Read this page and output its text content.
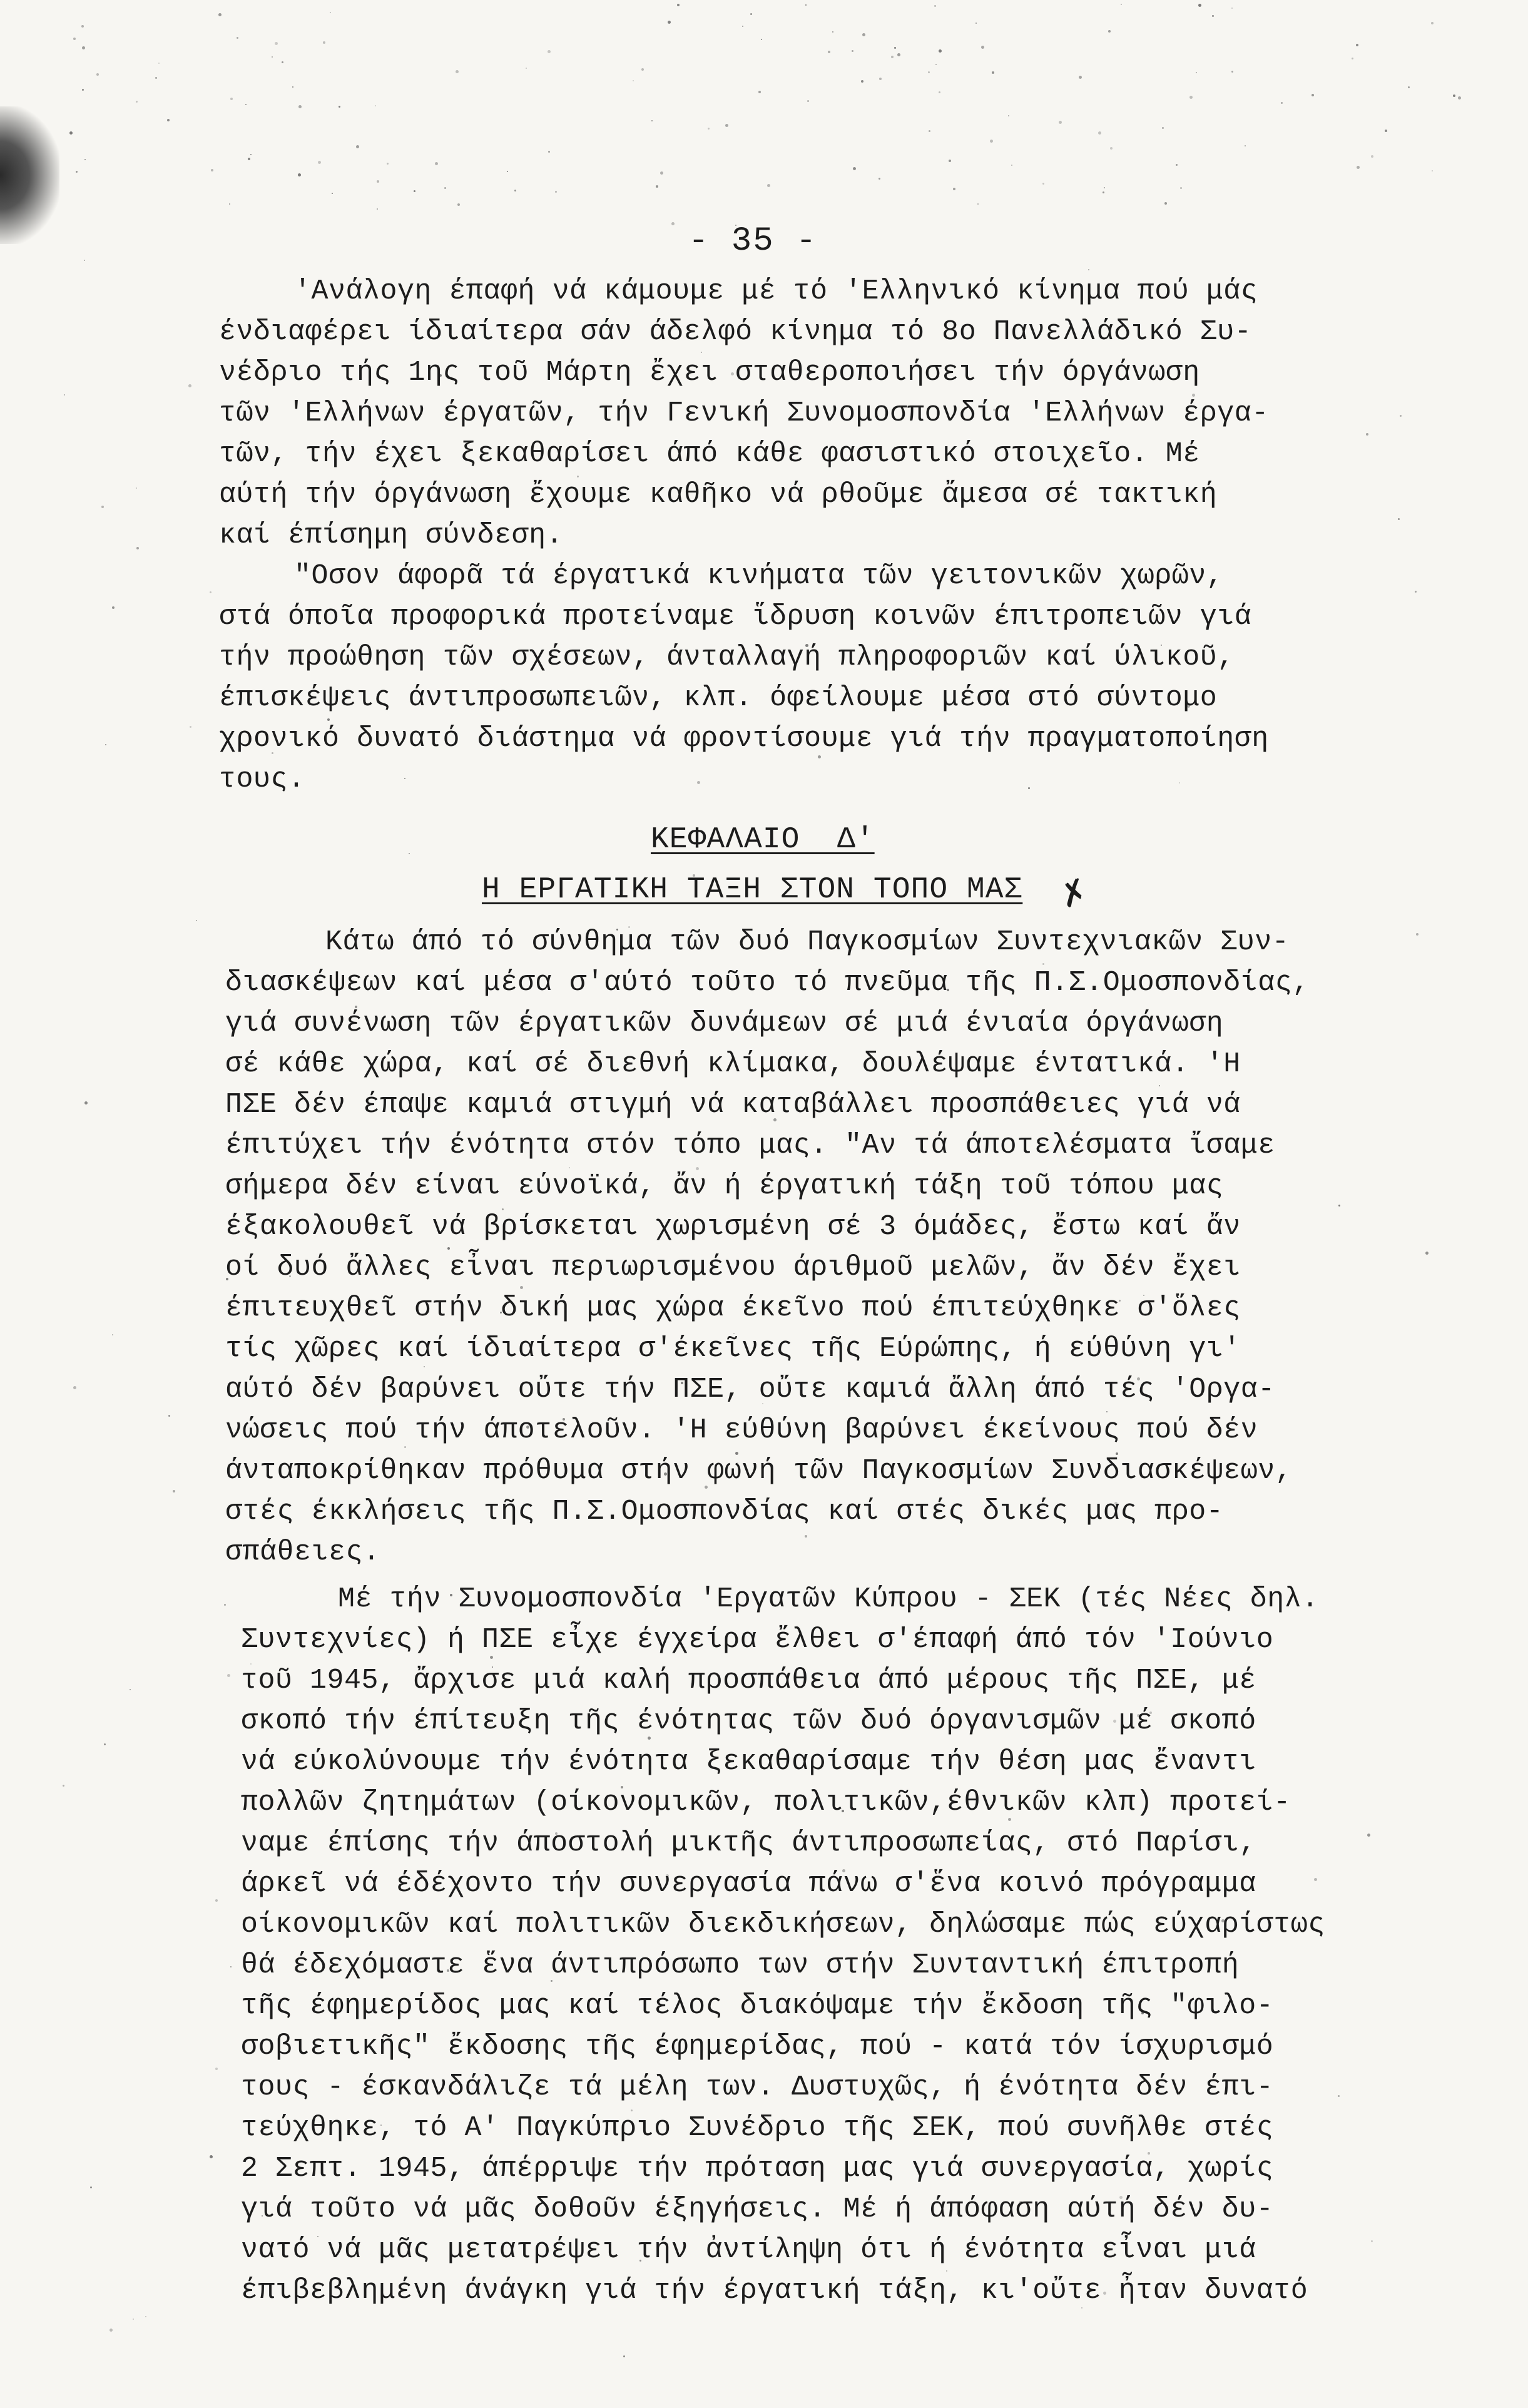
- 35 -
'Ανάλογη έπαφή νά κάμουμε μέ τό 'Ελληνικό κίνημα πού μάς
ένδιαφέρει ίδιαίτερα σάν άδελφό κίνημα τό 8ο Πανελλάδικό Συ-
νέδριο τής 1ης τοῦ Μάρτη ἔχει σταθεροποιήσει τήν όργάνωση
τῶν 'Ελλήνων έργατῶν, τήν Γενική Συνομοσπονδία 'Ελλήνων έργα-
τῶν, τήν έχει ξεκαθαρίσει άπό κάθε φασιστικό στοιχεῖο. Μέ
αύτή τήν όργάνωση ἔχουμε καθῆκο νά ρθοῦμε ἄμεσα σέ τακτική
καί έπίσημη σύνδεση.
"Οσον άφορᾶ τά έργατικά κινήματα τῶν γειτονικῶν χωρῶν,
στά όποῖα προφορικά προτείναμε ἵδρυση κοινῶν έπιτροπειῶν γιά
τήν προώθηση τῶν σχέσεων, άνταλλαγή πληροφοριῶν καί ύλικοῦ,
έπισκέψεις άντιπροσωπειῶν, κλπ. όφείλουμε μέσα στό σύντομο
χρονικό δυνατό διάστημα νά φροντίσουμε γιά τήν πραγματοποίηση
τους.
ΚΕΦΑΛΑΙΟ  Δ'
Η ΕΡΓΑΤΙΚΗ ΤΑΞΗ ΣΤΟΝ ΤΟΠΟ ΜΑΣ ✗
Κάτω άπό τό σύνθημα τῶν δυό Παγκοσμίων Συντεχνιακῶν Συν-
διασκέψεων καί μέσα σ'αύτό τοῦτο τό πνεῦμα τῆς Π.Σ.Ομοσπονδίας,
γιά συνένωση τῶν έργατικῶν δυνάμεων σέ μιά ένιαία όργάνωση
σέ κάθε χώρα, καί σέ διεθνή κλίμακα, δουλέψαμε έντατικά. 'Η
ΠΣΕ δέν έπαψε καμιά στιγμή νά καταβάλλει προσπάθειες γιά νά
έπιτύχει τήν ένότητα στόν τόπο μας. "Αν τά άποτελέσματα ἴσαμε
σήμερα δέν είναι εύνοϊκά, ἄν ή έργατική τάξη τοῦ τόπου μας
έξακολουθεῖ νά βρίσκεται χωρισμένη σέ 3 όμάδες, ἔστω καί ἄν
οί δυό ἄλλες εἶναι περιωρισμένου άριθμοῦ μελῶν, ἄν δέν ἔχει
έπιτευχθεῖ στήν δική μας χώρα έκεῖνο πού έπιτεύχθηκε σ'ὅλες
τίς χῶρες καί ίδιαίτερα σ'έκεῖνες τῆς Εύρώπης, ή εύθύνη γι'
αύτό δέν βαρύνει οὔτε τήν ΠΣΕ, οὔτε καμιά ἄλλη άπό τές 'Οργα-
νώσεις πού τήν άποτελοῦν. 'Η εύθύνη βαρύνει έκείνους πού δέν
άνταποκρίθηκαν πρόθυμα στήν φωνή τῶν Παγκοσμίων Συνδιασκέψεων,
στές έκκλήσεις τῆς Π.Σ.Ομοσπονδίας καί στές δικές μας προ-
σπάθειες.
Μέ τήν Συνομοσπονδία 'Εργατῶν Κύπρου - ΣΕΚ (τές Νέες δηλ.
Συντεχνίες) ή ΠΣΕ εἶχε έγχείρα ἔλθει σ'έπαφή άπό τόν 'Ιούνιο
τοῦ 1945, ἄρχισε μιά καλή προσπάθεια άπό μέρους τῆς ΠΣΕ, μέ
σκοπό τήν έπίτευξη τῆς ένότητας τῶν δυό όργανισμῶν μέ σκοπό
νά εύκολύνουμε τήν ένότητα ξεκαθαρίσαμε τήν θέση μας ἔναντι
πολλῶν ζητημάτων (οίκονομικῶν, πολιτικῶν,έθνικῶν κλπ) προτεί-
ναμε έπίσης τήν άποστολή μικτῆς άντιπροσωπείας, στό Παρίσι,
άρκεῖ νά έδέχοντο τήν συνεργασία πάνω σ'ἕνα κοινό πρόγραμμα
οίκονομικῶν καί πολιτικῶν διεκδικήσεων, δηλώσαμε πώς εύχαρίστως
θά έδεχόμαστε ἕνα άντιπρόσωπο των στήν Συνταντική έπιτροπή
τῆς έφημερίδος μας καί τέλος διακόψαμε τήν ἔκδοση τῆς "φιλο-
σοβιετικῆς" ἔκδοσης τῆς έφημερίδας, πού - κατά τόν ίσχυρισμό
τους - έσκανδάλιζε τά μέλη των. Δυστυχῶς, ή ένότητα δέν έπι-
τεύχθηκε, τό Α' Παγκύπριο Συνέδριο τῆς ΣΕΚ, πού συνῆλθε στές
2 Σεπτ. 1945, άπέρριψε τήν πρόταση μας γιά συνεργασία, χωρίς
γιά τοῦτο νά μᾶς δοθοῦν έξηγήσεις. Μέ ή άπόφαση αύτή δέν δυ-
νατό νά μᾶς μετατρέψει τήν ἀντίληψη ότι ή ένότητα εἶναι μιά
έπιβεβλημένη άνάγκη γιά τήν έργατική τάξη, κι'οὔτε ἦταν δυνατό
